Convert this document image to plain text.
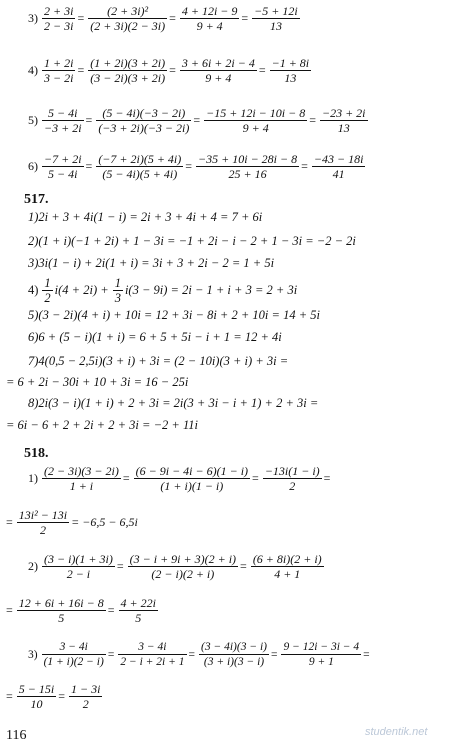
$3) \frac{2 + 3i}{2 - 3i} = \frac{\text{(2 + 3i)²}}{(2 + 3i)(2 - 3i)} = \frac{4 + 12i - 9}{9 + 4} = \frac{-5 + 12i}{13}$
$4) \frac{1 + 2i}{3 - 2i} = \frac{(1 + 2i)(3 + 2i)}{(3 - 2i)(3 + 2i)} = \frac{3 + 6i + 2i - 4}{9 + 4} = \frac{-1 + 8i}{13}$
$5) \frac{5 - 4i}{-3 + 2i} = \frac{(5 - 4i)(-3 - 2i)}{(-3 + 2i)(-3 - 2i)} = \frac{-15 + 12i - 10i - 8}{9 + 4} = \frac{-23 + 2i}{13}$
$6) \frac{-7 + 2i}{5 - 4i} = \frac{(-7 + 2i)(5 + 4i)}{(5 - 4i)(5 + 4i)} = \frac{-35 + 10i - 28i - 8}{25 + 16} = \frac{-43 - 18i}{41}$
517.
1)2i + 3 + 4i(1 − i) = 2i + 3 + 4i + 4 = 7 + 6i
2)(1 + i)(−1 + 2i) + 1 − 3i = −1 + 2i − i − 2 + 1 − 3i = −2 − 2i
3)3i(1 − i) + 2i(1 + i) = 3i + 3 + 2i − 2 = 1 + 5i
5)(3 − 2i)(4 + i) + 10i = 12 + 3i − 8i + 2 + 10i = 14 + 5i
6)6 + (5 − i)(1 + i) = 6 + 5 + 5i − i + 1 = 12 + 4i
7)4(0,5 − 2,5i)(3 + i) + 3i = (2 − 10i)(3 + i) + 3i =
= 6 + 2i − 30i + 10 + 3i = 16 − 25i
8)2i(3 − i)(1 + i) + 2 + 3i = 2i(3 + 3i − i + 1) + 2 + 3i =
= 6i − 6 + 2 + 2i + 2 + 3i = −2 + 11i
$4) \frac{1}{2} i(4 + 2i) + \frac{1}{3} i(3 - 9i) = 2i - 1 + i + 3 = 2 + 3i$
518.
$1) \frac{(2 - 3i)(3 - 2i)}{1 + i} = \frac{(6 - 9i - 4i - 6)(1 - i)}{(1 + i)(1 - i)} = \frac{-13i(1 - i)}{2}$ =
= $\frac{\text{13i² − 13i}}{2} = -6,5 - 6,5i$
$2) \frac{(3 - i)(1 + 3i)}{2 - i} = \frac{(3 - i + 9i + 3)(2 + i)}{(2 - i)(2 + i)} = \frac{(6 + 8i)(2 + i)}{4 + 1}$
= $\frac{12 + 6i + 16i - 8}{5} = \frac{4 + 22i}{5}$
$3) \frac{3 - 4i}{(1 + i)(2 - i)} = \frac{3 - 4i}{2 - i + 2i + 1} = \frac{(3 - 4i)(3 - i)}{(3 + i)(3 - i)} = \frac{9 - 12i - 3i - 4}{9 + 1}$ =
= $\frac{5 - 15i}{10} = \frac{1 - 3i}{2}$
116	studentik.net
